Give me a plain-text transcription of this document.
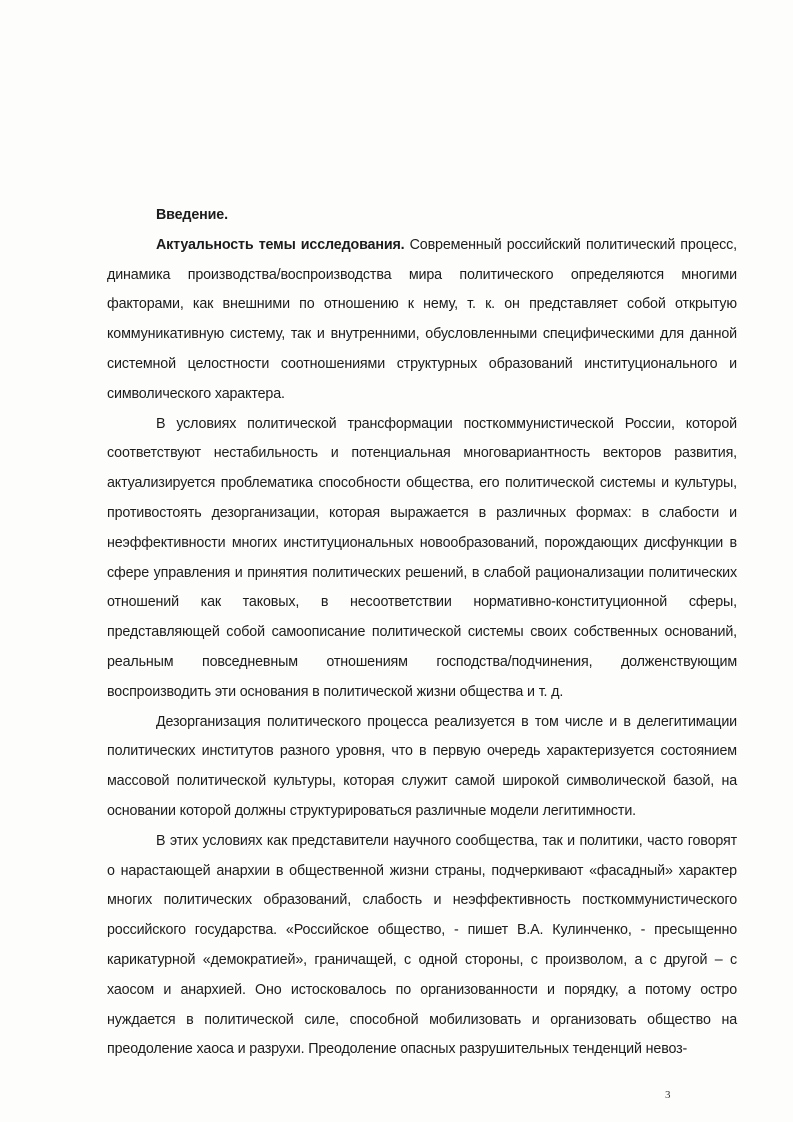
Введение.

Актуальность темы исследования. Современный российский политический процесс, динамика производства/воспроизводства мира политического определяются многими факторами, как внешними по отношению к нему, т. к. он представляет собой открытую коммуникативную систему, так и внутренними, обусловленными специфическими для данной системной целостности соотношениями структурных образований институционального и символического характера.

В условиях политической трансформации посткоммунистической России, которой соответствуют нестабильность и потенциальная многовариантность векторов развития, актуализируется проблематика способности общества, его политической системы и культуры, противостоять дезорганизации, которая выражается в различных формах: в слабости и неэффективности многих институциональных новообразований, порождающих дисфункции в сфере управления и принятия политических решений, в слабой рационализации политических отношений как таковых, в несоответствии нормативно-конституционной сферы, представляющей собой самоописание политической системы своих собственных оснований, реальным повседневным отношениям господства/подчинения, долженствующим воспроизводить эти основания в политической жизни общества и т. д.

Дезорганизация политического процесса реализуется в том числе и в делегитимации политических институтов разного уровня, что в первую очередь характеризуется состоянием массовой политической культуры, которая служит самой широкой символической базой, на основании которой должны структурироваться различные модели легитимности.

В этих условиях как представители научного сообщества, так и политики, часто говорят о нарастающей анархии в общественной жизни страны, подчеркивают «фасадный» характер многих политических образований, слабость и неэффективность посткоммунистического российского государства. «Российское общество, - пишет В.А. Кулинченко, - пресыщенно карикатурной «демократией», граничащей, с одной стороны, с произволом, а с другой – с хаосом и анархией. Оно истосковалось по организованности и порядку, а потому остро нуждается в политической силе, способной мобилизовать и организовать общество на преодоление хаоса и разрухи. Преодоление опасных разрушительных тенденций невоз-

3
